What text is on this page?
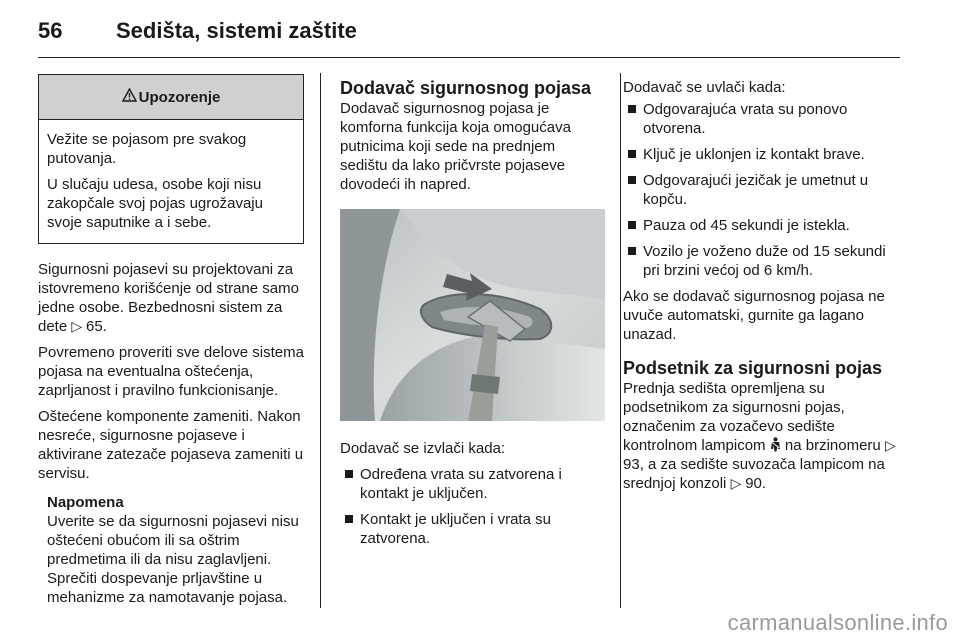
56 Sedišta, sistemi zaštite
Upozorenje

Vežite se pojasom pre svakog putovanja.

U slučaju udesa, osobe koji nisu zakopčale svoj pojas ugrožavaju svoje saputnike a i sebe.

Sigurnosni pojasevi su projektovani za istovremeno korišćenje od strane samo jedne osobe. Bezbednosni sistem za dete ▷ 65.

Povremeno proveriti sve delove sistema pojasa na eventualna oštećenja, zaprljanost i pravilno funkcionisanje.

Oštećene komponente zameniti. Nakon nesreće, sigurnosne pojaseve i aktivirane zatezače pojaseva zameniti u servisu.

Napomena
Uverite se da sigurnosni pojasevi nisu oštećeni obućom ili sa oštrim predmetima ili da nisu zaglavljeni. Sprečiti dospevanje prljavštine u mehanizme za namotavanje pojasa.
Dodavač sigurnosnog pojasa

Dodavač sigurnosnog pojasa je komforna funkcija koja omogućava putnicima koji sede na prednjem sedištu da lako pričvrste pojaseve dovodeći ih napred.

Dodavač se izvlači kada:

Određena vrata su zatvorena i kontakt je uključen.
Kontakt je uključen i vrata su zatvorena.

Dodavač se uvlači kada:

Odgovarajuća vrata su ponovo otvorena.
Ključ je uklonjen iz kontakt brave.
Odgovarajući jezičak je umetnut u kopču.
Pauza od 45 sekundi je istekla.
Vozilo je voženo duže od 15 sekundi pri brzini većoj od 6 km/h.

Ako se dodavač sigurnosnog pojasa ne uvuče automatski, gurnite ga lagano unazad.

Podsetnik za sigurnosni pojas

Prednja sedišta opremljena su podsetnikom za sigurnosni pojas, označenim za vozačevo sedište kontrolnom lampicom  na brzinomeru ▷ 93, a za sedište suvozača lampicom na srednjoj konzoli ▷ 90.

carmanualsonline.info
